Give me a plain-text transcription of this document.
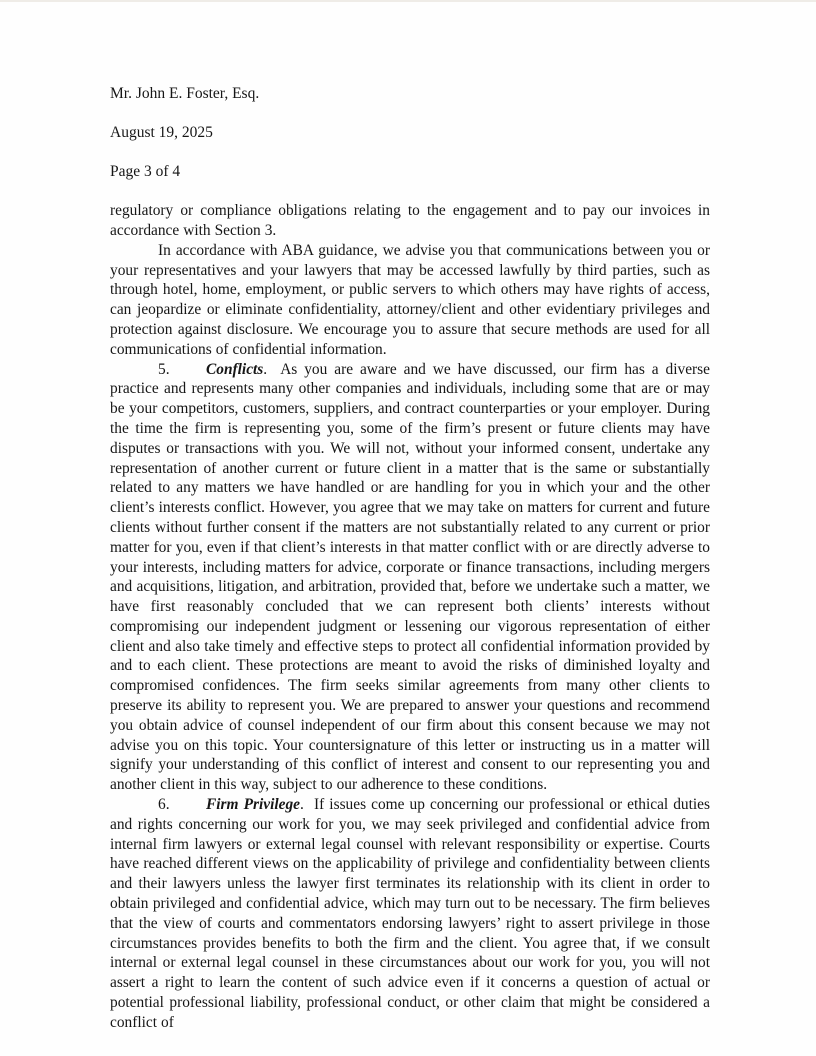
Mr. John E. Foster, Esq.

August 19, 2025

Page 3 of 4

regulatory or compliance obligations relating to the engagement and to pay our invoices in accordance with Section 3.

In accordance with ABA guidance, we advise you that communications between you or your representatives and your lawyers that may be accessed lawfully by third parties, such as through hotel, home, employment, or public servers to which others may have rights of access, can jeopardize or eliminate confidentiality, attorney/client and other evidentiary privileges and protection against disclosure. We encourage you to assure that secure methods are used for all communications of confidential information.

5. Conflicts. As you are aware and we have discussed, our firm has a diverse practice and represents many other companies and individuals, including some that are or may be your competitors, customers, suppliers, and contract counterparties or your employer. During the time the firm is representing you, some of the firm’s present or future clients may have disputes or transactions with you. We will not, without your informed consent, undertake any representation of another current or future client in a matter that is the same or substantially related to any matters we have handled or are handling for you in which your and the other client’s interests conflict. However, you agree that we may take on matters for current and future clients without further consent if the matters are not substantially related to any current or prior matter for you, even if that client’s interests in that matter conflict with or are directly adverse to your interests, including matters for advice, corporate or finance transactions, including mergers and acquisitions, litigation, and arbitration, provided that, before we undertake such a matter, we have first reasonably concluded that we can represent both clients’ interests without compromising our independent judgment or lessening our vigorous representation of either client and also take timely and effective steps to protect all confidential information provided by and to each client. These protections are meant to avoid the risks of diminished loyalty and compromised confidences. The firm seeks similar agreements from many other clients to preserve its ability to represent you. We are prepared to answer your questions and recommend you obtain advice of counsel independent of our firm about this consent because we may not advise you on this topic. Your countersignature of this letter or instructing us in a matter will signify your understanding of this conflict of interest and consent to our representing you and another client in this way, subject to our adherence to these conditions.

6. Firm Privilege. If issues come up concerning our professional or ethical duties and rights concerning our work for you, we may seek privileged and confidential advice from internal firm lawyers or external legal counsel with relevant responsibility or expertise. Courts have reached different views on the applicability of privilege and confidentiality between clients and their lawyers unless the lawyer first terminates its relationship with its client in order to obtain privileged and confidential advice, which may turn out to be necessary. The firm believes that the view of courts and commentators endorsing lawyers’ right to assert privilege in those circumstances provides benefits to both the firm and the client. You agree that, if we consult internal or external legal counsel in these circumstances about our work for you, you will not assert a right to learn the content of such advice even if it concerns a question of actual or potential professional liability, professional conduct, or other claim that might be considered a conflict of
